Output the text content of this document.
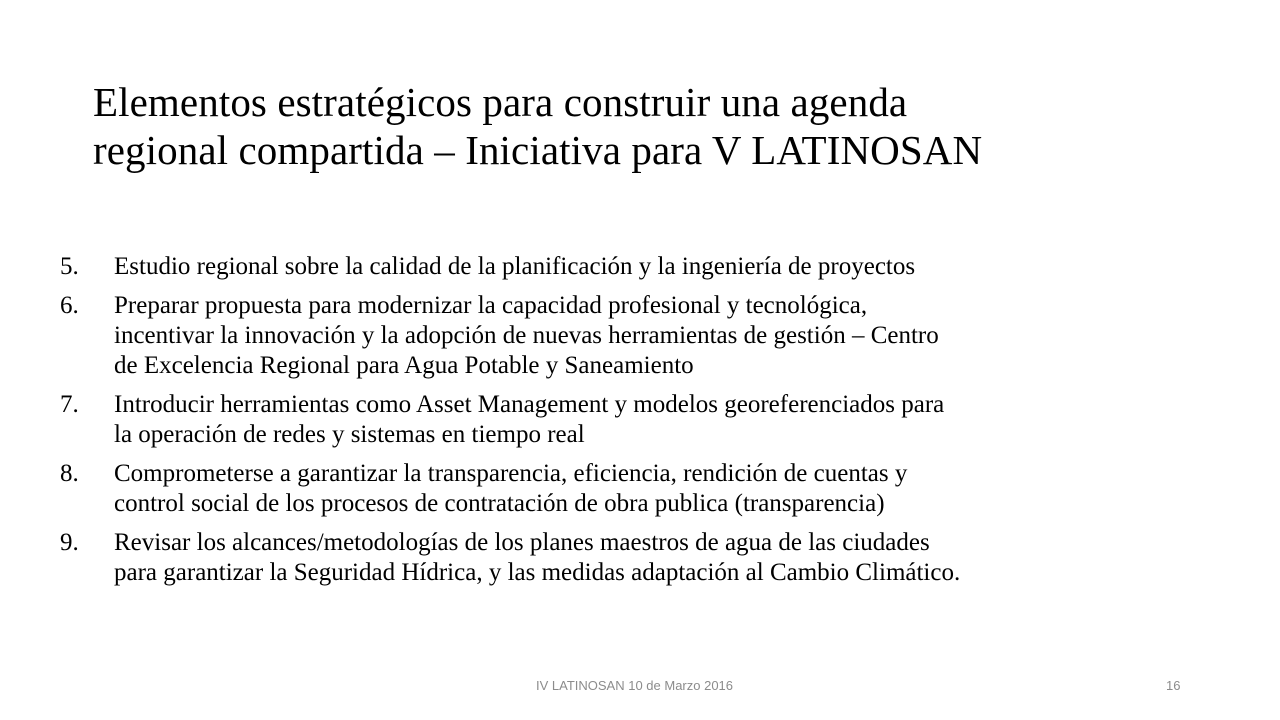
Elementos estratégicos para construir una agenda
regional compartida – Iniciativa para V LATINOSAN
5. Estudio regional sobre la calidad de la planificación y la ingeniería de proyectos
6. Preparar propuesta para modernizar la capacidad profesional y tecnológica,
incentivar la innovación y la adopción de nuevas herramientas de gestión – Centro
de Excelencia Regional para Agua Potable y Saneamiento
7. Introducir herramientas como Asset Management y modelos georeferenciados para
la operación de redes y sistemas en tiempo real
8. Comprometerse a garantizar la transparencia, eficiencia, rendición de cuentas y
control social de los procesos de contratación de obra publica (transparencia)
9. Revisar los alcances/metodologías de los planes maestros de agua de las ciudades
para garantizar la Seguridad Hídrica, y las medidas adaptación al Cambio Climático.
IV LATINOSAN 10 de Marzo 2016	16
